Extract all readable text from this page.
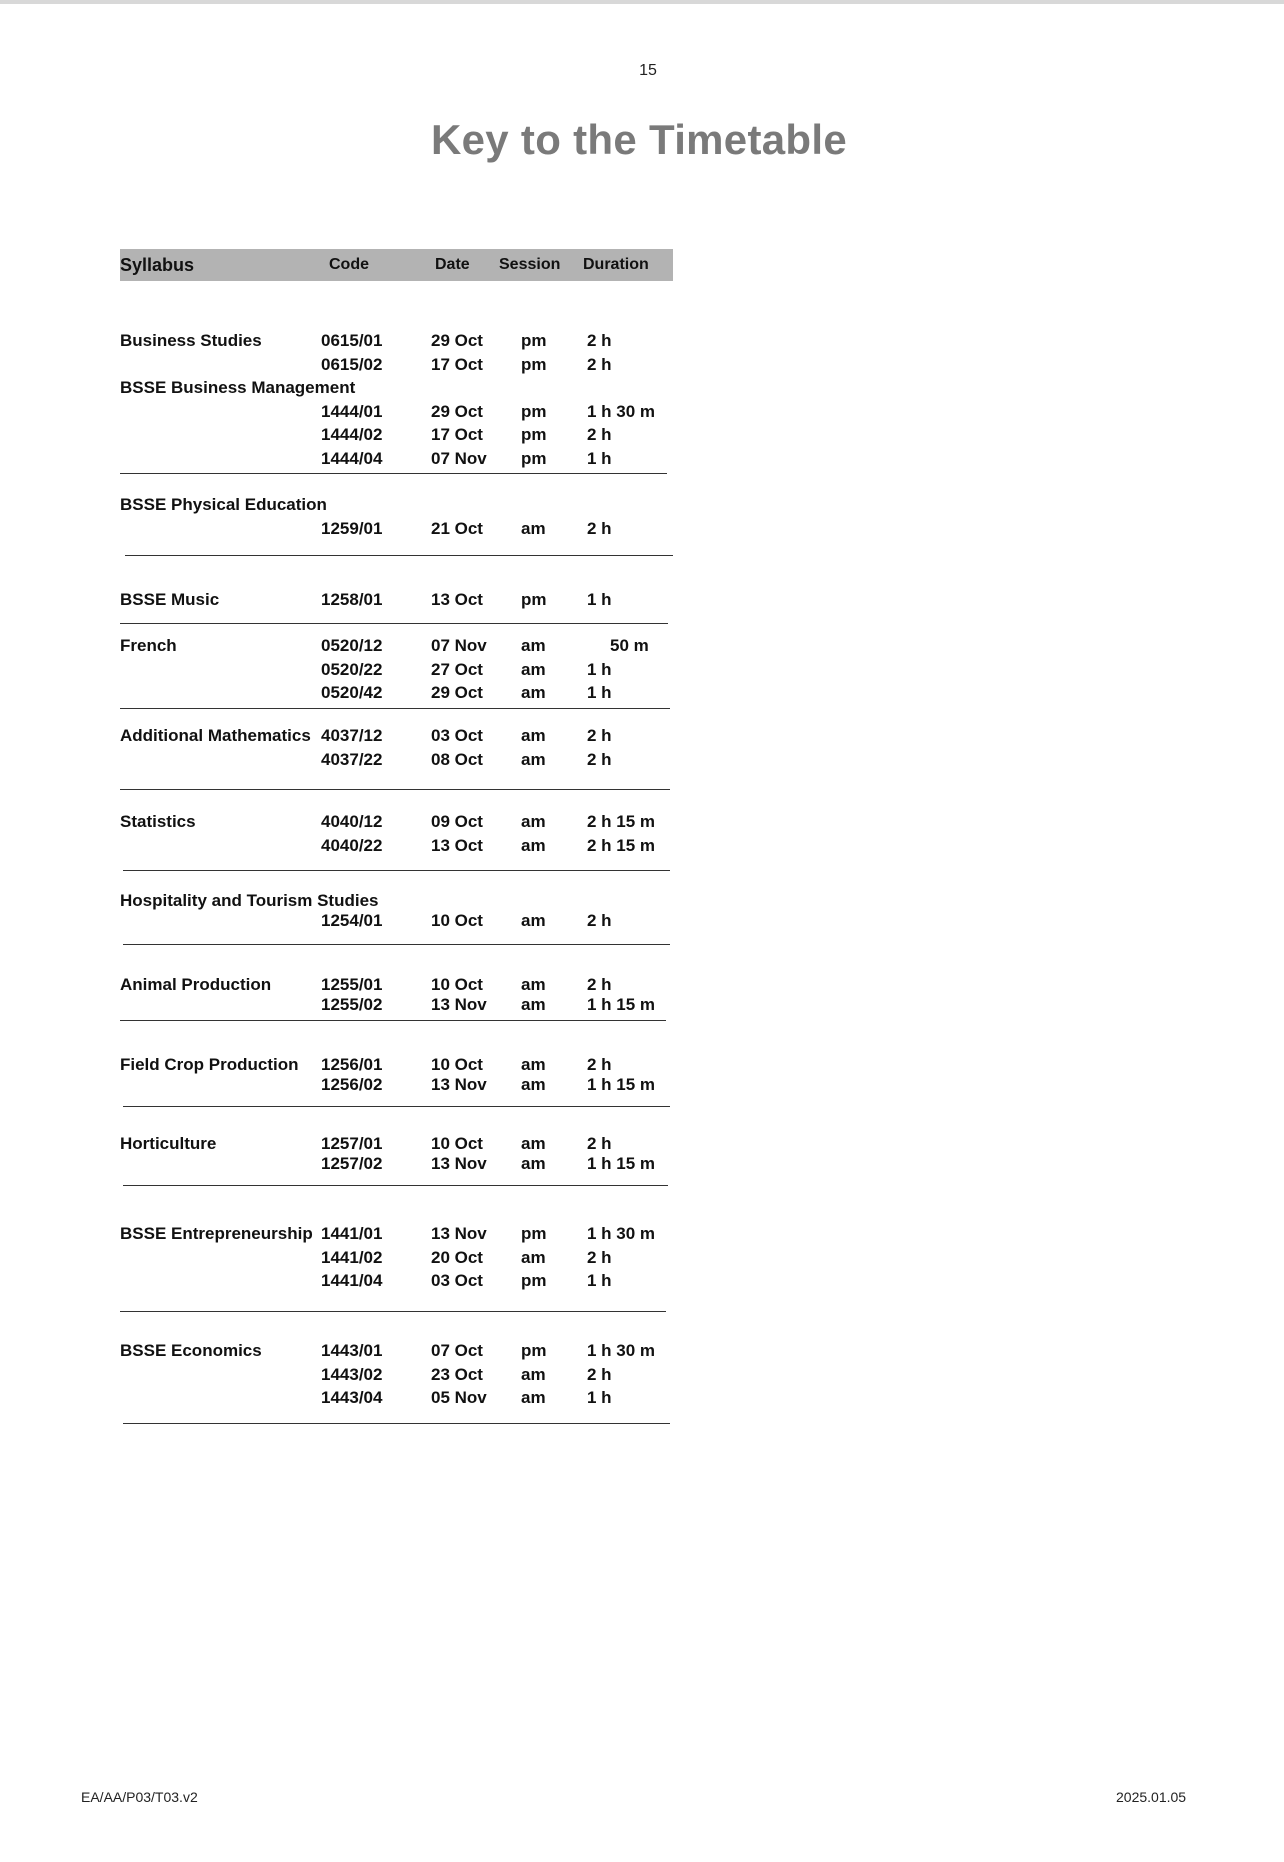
15
Key to the Timetable
Syllabus	Code	Date Session Duration
Business Studies	0615/01	29 Oct pm 2 h
0615/02	17 Oct pm 2 h
BSSE Business Management
1444/01	29 Oct pm 1 h 30 m
1444/02	17 Oct pm 2 h
1444/04	07 Nov pm 1 h
BSSE Physical Education
1259/01	21 Oct am 2 h
BSSE Music	1258/01	13 Oct pm 1 h
French	0520/12	07 Nov am	50 m
0520/22	27 Oct am 1 h
0520/42	29 Oct am 1 h
Additional Mathematics 4037/12	03 Oct am 2 h
4037/22	08 Oct am 2 h
Statistics	4040/12	09 Oct am 2 h 15 m
4040/22	13 Oct am 2 h 15 m
Hospitality and Tourism Studies
1254/01	10 Oct am 2 h
Animal Production	1255/01	10 Oct am 2 h
1255/02	13 Nov am 1 h 15 m
Field Crop Production 1256/01	10 Oct am 2 h
1256/02	13 Nov am 1 h 15 m
Horticulture	1257/01	10 Oct am 2 h
1257/02	13 Nov am 1 h 15 m
BSSE Entrepreneurship 1441/01	13 Nov pm 1 h 30 m
1441/02	20 Oct am 2 h
1441/04	03 Oct pm 1 h
BSSE Economics	1443/01	07 Oct pm 1 h 30 m
1443/02	23 Oct am 2 h
1443/04	05 Nov am 1 h
EA/AA/P03/T03.v2	2025.01.05
